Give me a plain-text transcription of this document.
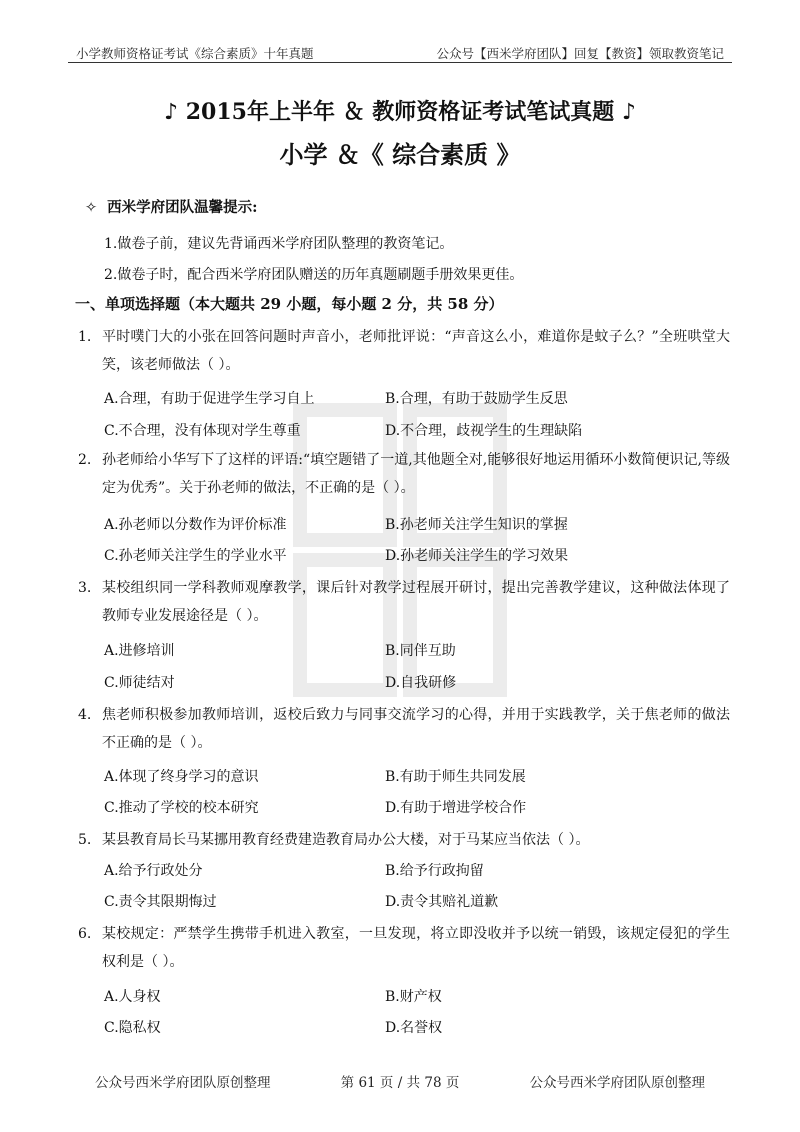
小学教师资格证考试《综合素质》十年真题	公众号【西米学府团队】回复【教资】领取教资笔记
♪ 2015年上半年 ＆ 教师资格证考试笔试真题 ♪
小学 ＆《 综合素质 》
✧ 西米学府团队温馨提示:
1.做卷子前，建议先背诵西米学府团队整理的教资笔记。
2.做卷子时，配合西米学府团队赠送的历年真题刷题手册效果更佳。
一、单项选择题（本大题共 29 小题，每小题 2 分，共 58 分）
1. 平时噗门大的小张在回答问题时声音小，老师批评说：“声音这么小，难道你是蚊子么？”全班哄堂大笑，该老师做法（ ）。
A.合理，有助于促进学生学习自上	B.合理，有助于鼓励学生反思
C.不合理，没有体现对学生尊重	D.不合理，歧视学生的生理缺陷
2. 孙老师给小华写下了这样的评语:“填空题错了一道,其他题全对,能够很好地运用循环小数简便识记,等级定为优秀”。关于孙老师的做法，不正确的是（ ）。
A.孙老师以分数作为评价标准	B.孙老师关注学生知识的掌握
C.孙老师关注学生的学业水平	D.孙老师关注学生的学习效果
3. 某校组织同一学科教师观摩教学，课后针对教学过程展开研讨，提出完善教学建议，这种做法体现了教师专业发展途径是（ ）。
A.进修培训	B.同伴互助
C.师徒结对	D.自我研修
4. 焦老师积极参加教师培训，返校后致力与同事交流学习的心得，并用于实践教学，关于焦老师的做法不正确的是（ ）。
A.体现了终身学习的意识	B.有助于师生共同发展
C.推动了学校的校本研究	D.有助于增进学校合作
5. 某县教育局长马某挪用教育经费建造教育局办公大楼，对于马某应当依法（ ）。
A.给予行政处分	B.给予行政拘留
C.责令其限期悔过	D.责令其赔礼道歉
6. 某校规定：严禁学生携带手机进入教室，一旦发现，将立即没收并予以统一销毁，该规定侵犯的学生权利是（ ）。
A.人身权	B.财产权
C.隐私权	D.名誉权
公众号西米学府团队原创整理	第 61 页 / 共 78 页	公众号西米学府团队原创整理
